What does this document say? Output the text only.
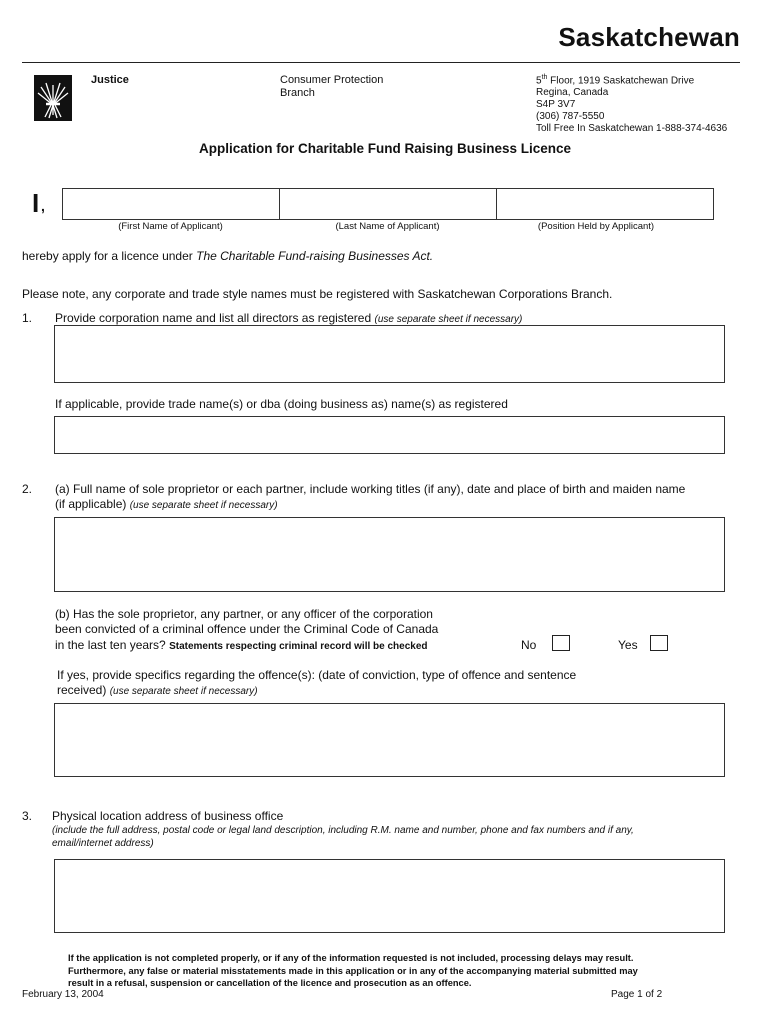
Saskatchewan
Justice	Consumer Protection
Branch
5th Floor, 1919 Saskatchewan Drive
Regina, Canada
S4P 3V7
(306) 787-5550
Toll Free In Saskatchewan 1-888-374-4636
Application for Charitable Fund Raising Business Licence
I ,
(First Name of Applicant)	(Last Name of Applicant)	(Position Held by Applicant)
hereby apply for a licence under The Charitable Fund-raising Businesses Act.
Please note, any corporate and trade style names must be registered with Saskatchewan Corporations Branch.
1. Provide corporation name and list all directors as registered (use separate sheet if necessary)
If applicable, provide trade name(s) or dba (doing business as) name(s) as registered
2. (a) Full name of sole proprietor or each partner, include working titles (if any), date and place of birth and maiden name
(if applicable) (use separate sheet if necessary)
(b) Has the sole proprietor, any partner, or any officer of the corporation
been convicted of a criminal offence under the Criminal Code of Canada
in the last ten years? Statements respecting criminal record will be checked	No	Yes
If yes, provide specifics regarding the offence(s): (date of conviction, type of offence and sentence
received) (use separate sheet if necessary)
3. Physical location address of business office
(include the full address, postal code or legal land description, including R.M. name and number, phone and fax numbers and if any,
email/internet address)
If the application is not completed properly, or if any of the information requested is not included, processing delays may result.
Furthermore, any false or material misstatements made in this application or in any of the accompanying material submitted may
result in a refusal, suspension or cancellation of the licence and prosecution as an offence.
February 13, 2004	Page 1 of 2
